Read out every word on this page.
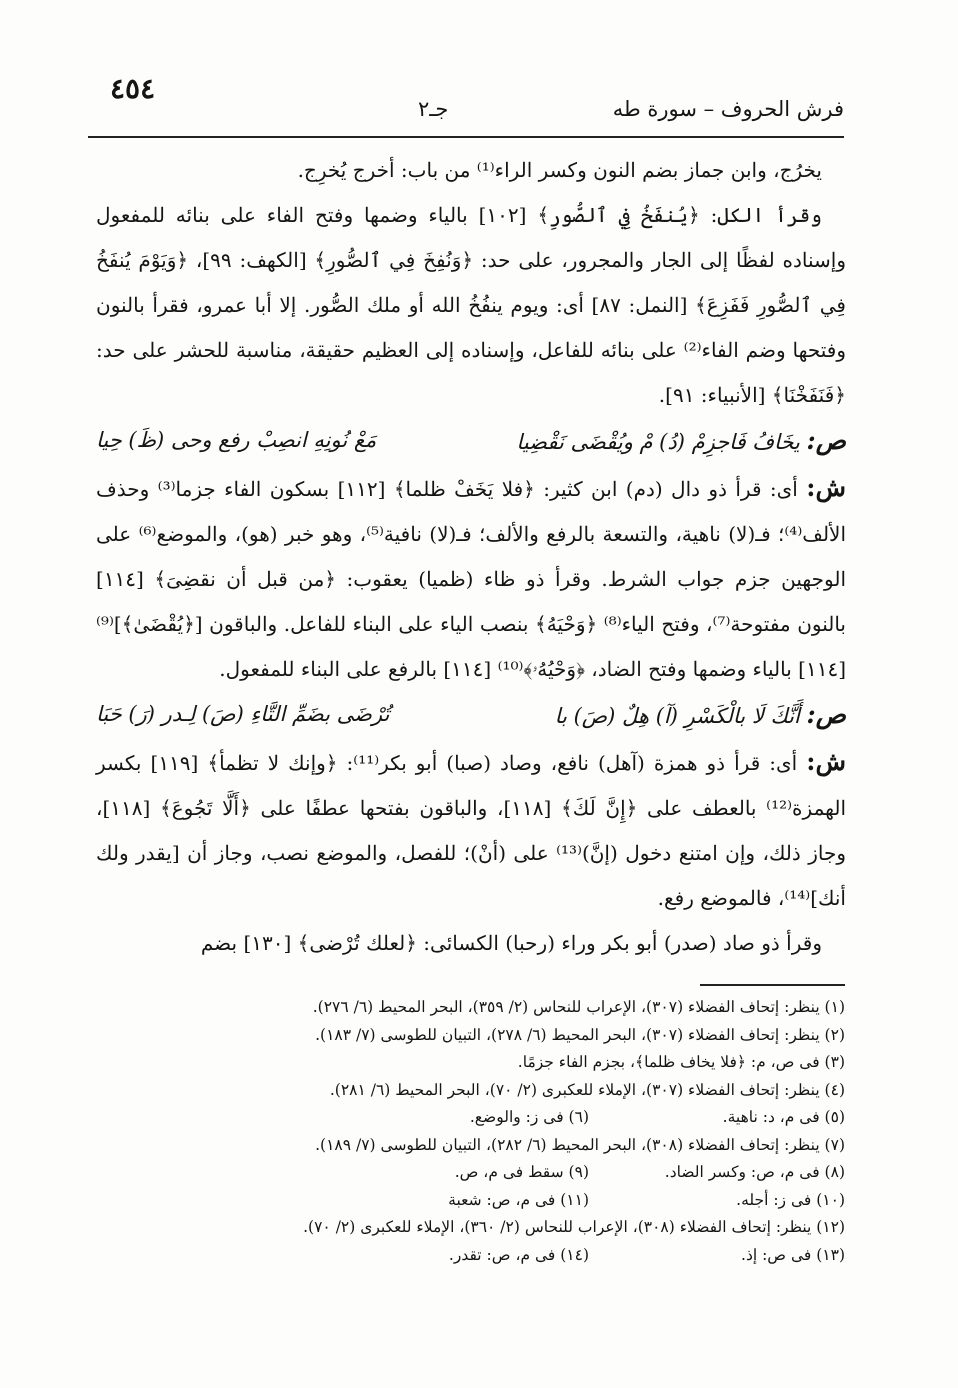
٤٥٤
فرش الحروف – سورة طه
جـ٢

يخرُج، وابن جماز بضم النون وكسر الراء⁽¹⁾ من باب: أخرج يُخرِج.

وقرأ الكل: ﴿يُنفَخُ فِي ٱلصُّورِ﴾ [١٠٢] بالياء وضمها وفتح الفاء على بنائه للمفعول وإسناده لفظًا إلى الجار والمجرور، على حد: ﴿وَنُفِخَ فِي ٱلصُّورِ﴾ [الكهف: ٩٩]، ﴿وَيَوْمَ يُنفَخُ فِي ٱلصُّورِ فَفَزِعَ﴾ [النمل: ٨٧] أى: ويوم ينفُخُ الله أو ملك الصُّور. إلا أبا عمرو، فقرأ بالنون وفتحها وضم الفاء⁽²⁾ على بنائه للفاعل، وإسناده إلى العظيم حقيقة، مناسبة للحشر على حد: ﴿فَنَفَخْنَا﴾ [الأنبياء: ٩١].

ص: يخَافُ فَاجزِمْ (دُ) مْ ويُقْضَى نَقْضِيا
مَعْ نُونِهِ انصِبْ رفع وحى (ظَ) حِيا

ش: أى: قرأ ذو دال (دم) ابن كثير: ﴿فلا يَخَفْ ظلما﴾ [١١٢] بسكون الفاء جزما⁽³⁾ وحذف الألف⁽⁴⁾؛ فـ(لا) ناهية، والتسعة بالرفع والألف؛ فـ(لا) نافية⁽⁵⁾، وهو خبر (هو)، والموضع⁽⁶⁾ على الوجهين جزم جواب الشرط. وقرأ ذو ظاء (ظميا) يعقوب: ﴿من قبل أن نقضِىَ﴾ [١١٤] بالنون مفتوحة⁽⁷⁾، وفتح الياء⁽⁸⁾ ﴿وَحْيَهُ﴾ بنصب الياء على البناء للفاعل. والباقون [﴿يُقْضَىٰ﴾]⁽⁹⁾ [١١٤] بالياء وضمها وفتح الضاد، ﴿وَحْيُهُۥ﴾⁽¹⁰⁾ [١١٤] بالرفع على البناء للمفعول.

ص: أَنَّكَ لَا بالْكَسْرِ (آ) هِلٌ (صَ) با
تُرْضَى بضَمِّ التَّاءِ (صَ) لِـدر (رَ) حَبَا

ش: أى: قرأ ذو همزة (آهل) نافع، وصاد (صبا) أبو بكر⁽¹¹⁾: ﴿وإنك لا تظمأ﴾ [١١٩] بكسر الهمزة⁽¹²⁾ بالعطف على ﴿إِنَّ لَكَ﴾ [١١٨]، والباقون بفتحها عطفًا على ﴿أَلَّا تَجُوعَ﴾ [١١٨]، وجاز ذلك، وإن امتنع دخول (إنَّ)⁽¹³⁾ على (أنْ)؛ للفصل، والموضع نصب، وجاز أن [يقدر ولك أنك]⁽¹⁴⁾، فالموضع رفع.

وقرأ ذو صاد (صدر) أبو بكر وراء (رحبا) الكسائى: ﴿لعلك تُرْضى﴾ [١٣٠] بضم

(١) ينظر: إتحاف الفضلاء (٣٠٧)، الإعراب للنحاس (٢/ ٣٥٩)، البحر المحيط (٦/ ٢٧٦).
(٢) ينظر: إتحاف الفضلاء (٣٠٧)، البحر المحيط (٦/ ٢٧٨)، التبيان للطوسى (٧/ ١٨٣).
(٣) فى ص، م: ﴿فلا يخاف ظلما﴾، بجزم الفاء جزمًا.
(٤) ينظر: إتحاف الفضلاء (٣٠٧)، الإملاء للعكبرى (٢/ ٧٠)، البحر المحيط (٦/ ٢٨١).
(٥) فى م، د: ناهية.
(٦) فى ز: والوضع.
(٧) ينظر: إتحاف الفضلاء (٣٠٨)، البحر المحيط (٦/ ٢٨٢)، التبيان للطوسى (٧/ ١٨٩).
(٨) فى م، ص: وكسر الضاد.
(٩) سقط فى م، ص.
(١٠) فى ز: أجله.
(١١) فى م، ص: شعبة
(١٢) ينظر: إتحاف الفضلاء (٣٠٨)، الإعراب للنحاس (٢/ ٣٦٠)، الإملاء للعكبرى (٢/ ٧٠).
(١٣) فى ص: إذ.
(١٤) فى م، ص: تقدر.
